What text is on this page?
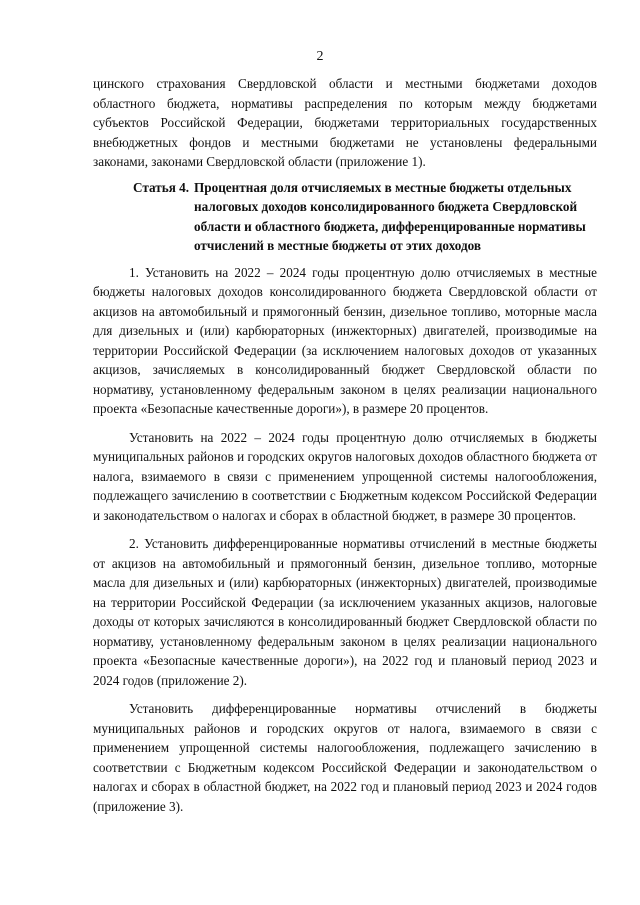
2

цинского страхования Свердловской области и местными бюджетами доходов областного бюджета, нормативы распределения по которым между бюджетами субъектов Российской Федерации, бюджетами территориальных государственных внебюджетных фондов и местными бюджетами не установлены федеральными законами, законами Свердловской области (приложение 1).

Статья 4. Процентная доля отчисляемых в местные бюджеты отдельных налоговых доходов консолидированного бюджета Свердловской области и областного бюджета, дифференцированные нормативы отчислений в местные бюджеты от этих доходов

1. Установить на 2022 – 2024 годы процентную долю отчисляемых в местные бюджеты налоговых доходов консолидированного бюджета Свердловской области от акцизов на автомобильный и прямогонный бензин, дизельное топливо, моторные масла для дизельных и (или) карбюраторных (инжекторных) двигателей, производимые на территории Российской Федерации (за исключением налоговых доходов от указанных акцизов, зачисляемых в консолидированный бюджет Свердловской области по нормативу, установленному федеральным законом в целях реализации национального проекта «Безопасные качественные дороги»), в размере 20 процентов.

Установить на 2022 – 2024 годы процентную долю отчисляемых в бюджеты муниципальных районов и городских округов налоговых доходов областного бюджета от налога, взимаемого в связи с применением упрощенной системы налогообложения, подлежащего зачислению в соответствии с Бюджетным кодексом Российской Федерации и законодательством о налогах и сборах в областной бюджет, в размере 30 процентов.

2. Установить дифференцированные нормативы отчислений в местные бюджеты от акцизов на автомобильный и прямогонный бензин, дизельное топливо, моторные масла для дизельных и (или) карбюраторных (инжекторных) двигателей, производимые на территории Российской Федерации (за исключением указанных акцизов, налоговые доходы от которых зачисляются в консолидированный бюджет Свердловской области по нормативу, установленному федеральным законом в целях реализации национального проекта «Безопасные качественные дороги»), на 2022 год и плановый период 2023 и 2024 годов (приложение 2).

Установить дифференцированные нормативы отчислений в бюджеты муниципальных районов и городских округов от налога, взимаемого в связи с применением упрощенной системы налогообложения, подлежащего зачислению в соответствии с Бюджетным кодексом Российской Федерации и законодательством о налогах и сборах в областной бюджет, на 2022 год и плановый период 2023 и 2024 годов (приложение 3).
